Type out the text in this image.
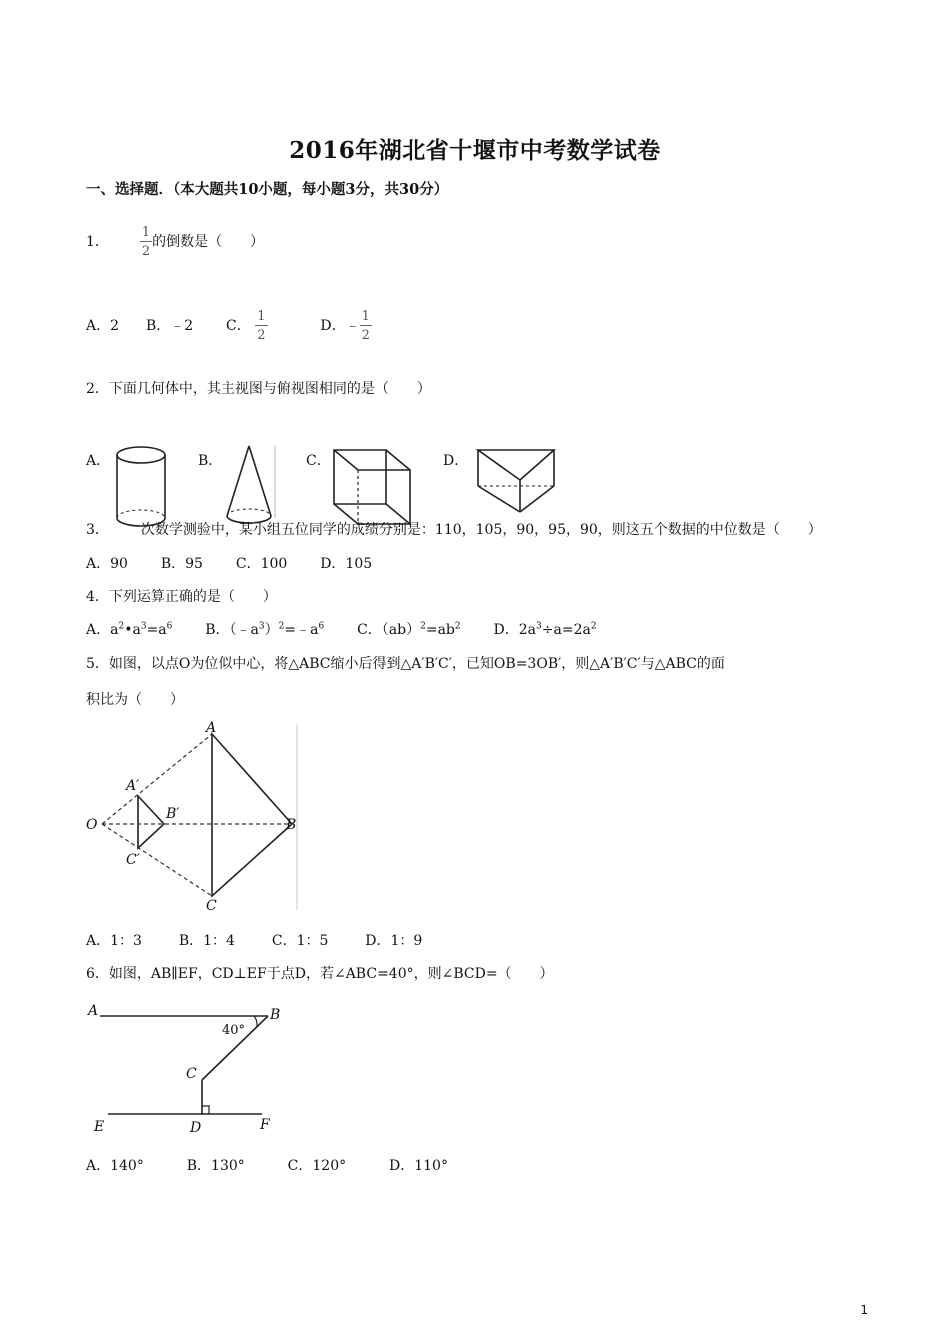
2016年湖北省十堰市中考数学试卷
一、选择题．（本大题共10小题，每小题3分，共30分）
1． $\frac{1}{2}$ 的倒数是（　　）
A．2 B．﹣2 C． $\frac{1}{2}$	D．﹣ $\frac{1}{2}$
2．下面几何体中，其主视图与俯视图相同的是（　　）
A．	B．	C．	D．
3． 次数学测验中，某小组五位同学的成绩分别是：110，105，90，95，90，则这五个数据的中位数是（　　）
A．90 B．95 C．100 D．105
4．下列运算正确的是（　　）
A．$a^2•a^3=a^6$ B．$(﹣a^3)^2=﹣a^6$ C．$(ab)^2=ab^2$ D．$2a^3\div a=2a^2$
5．如图，以点O为位似中心，将△ABC缩小后得到△A′B′C′，已知OB=3OB′，则△A′B′C′与△ABC的面
积比为（　　）
A
A′
B′
O	B
C′
C
A．1：3	B．1：4	C．1：5	D．1：9
6．如图，AB∥EF，CD⊥EF于点D，若∠ABC=40°，则∠BCD=（　　）
A	B
40°
C
E	D	F
A．140°	B．130°	C．120°	D．110°
1
